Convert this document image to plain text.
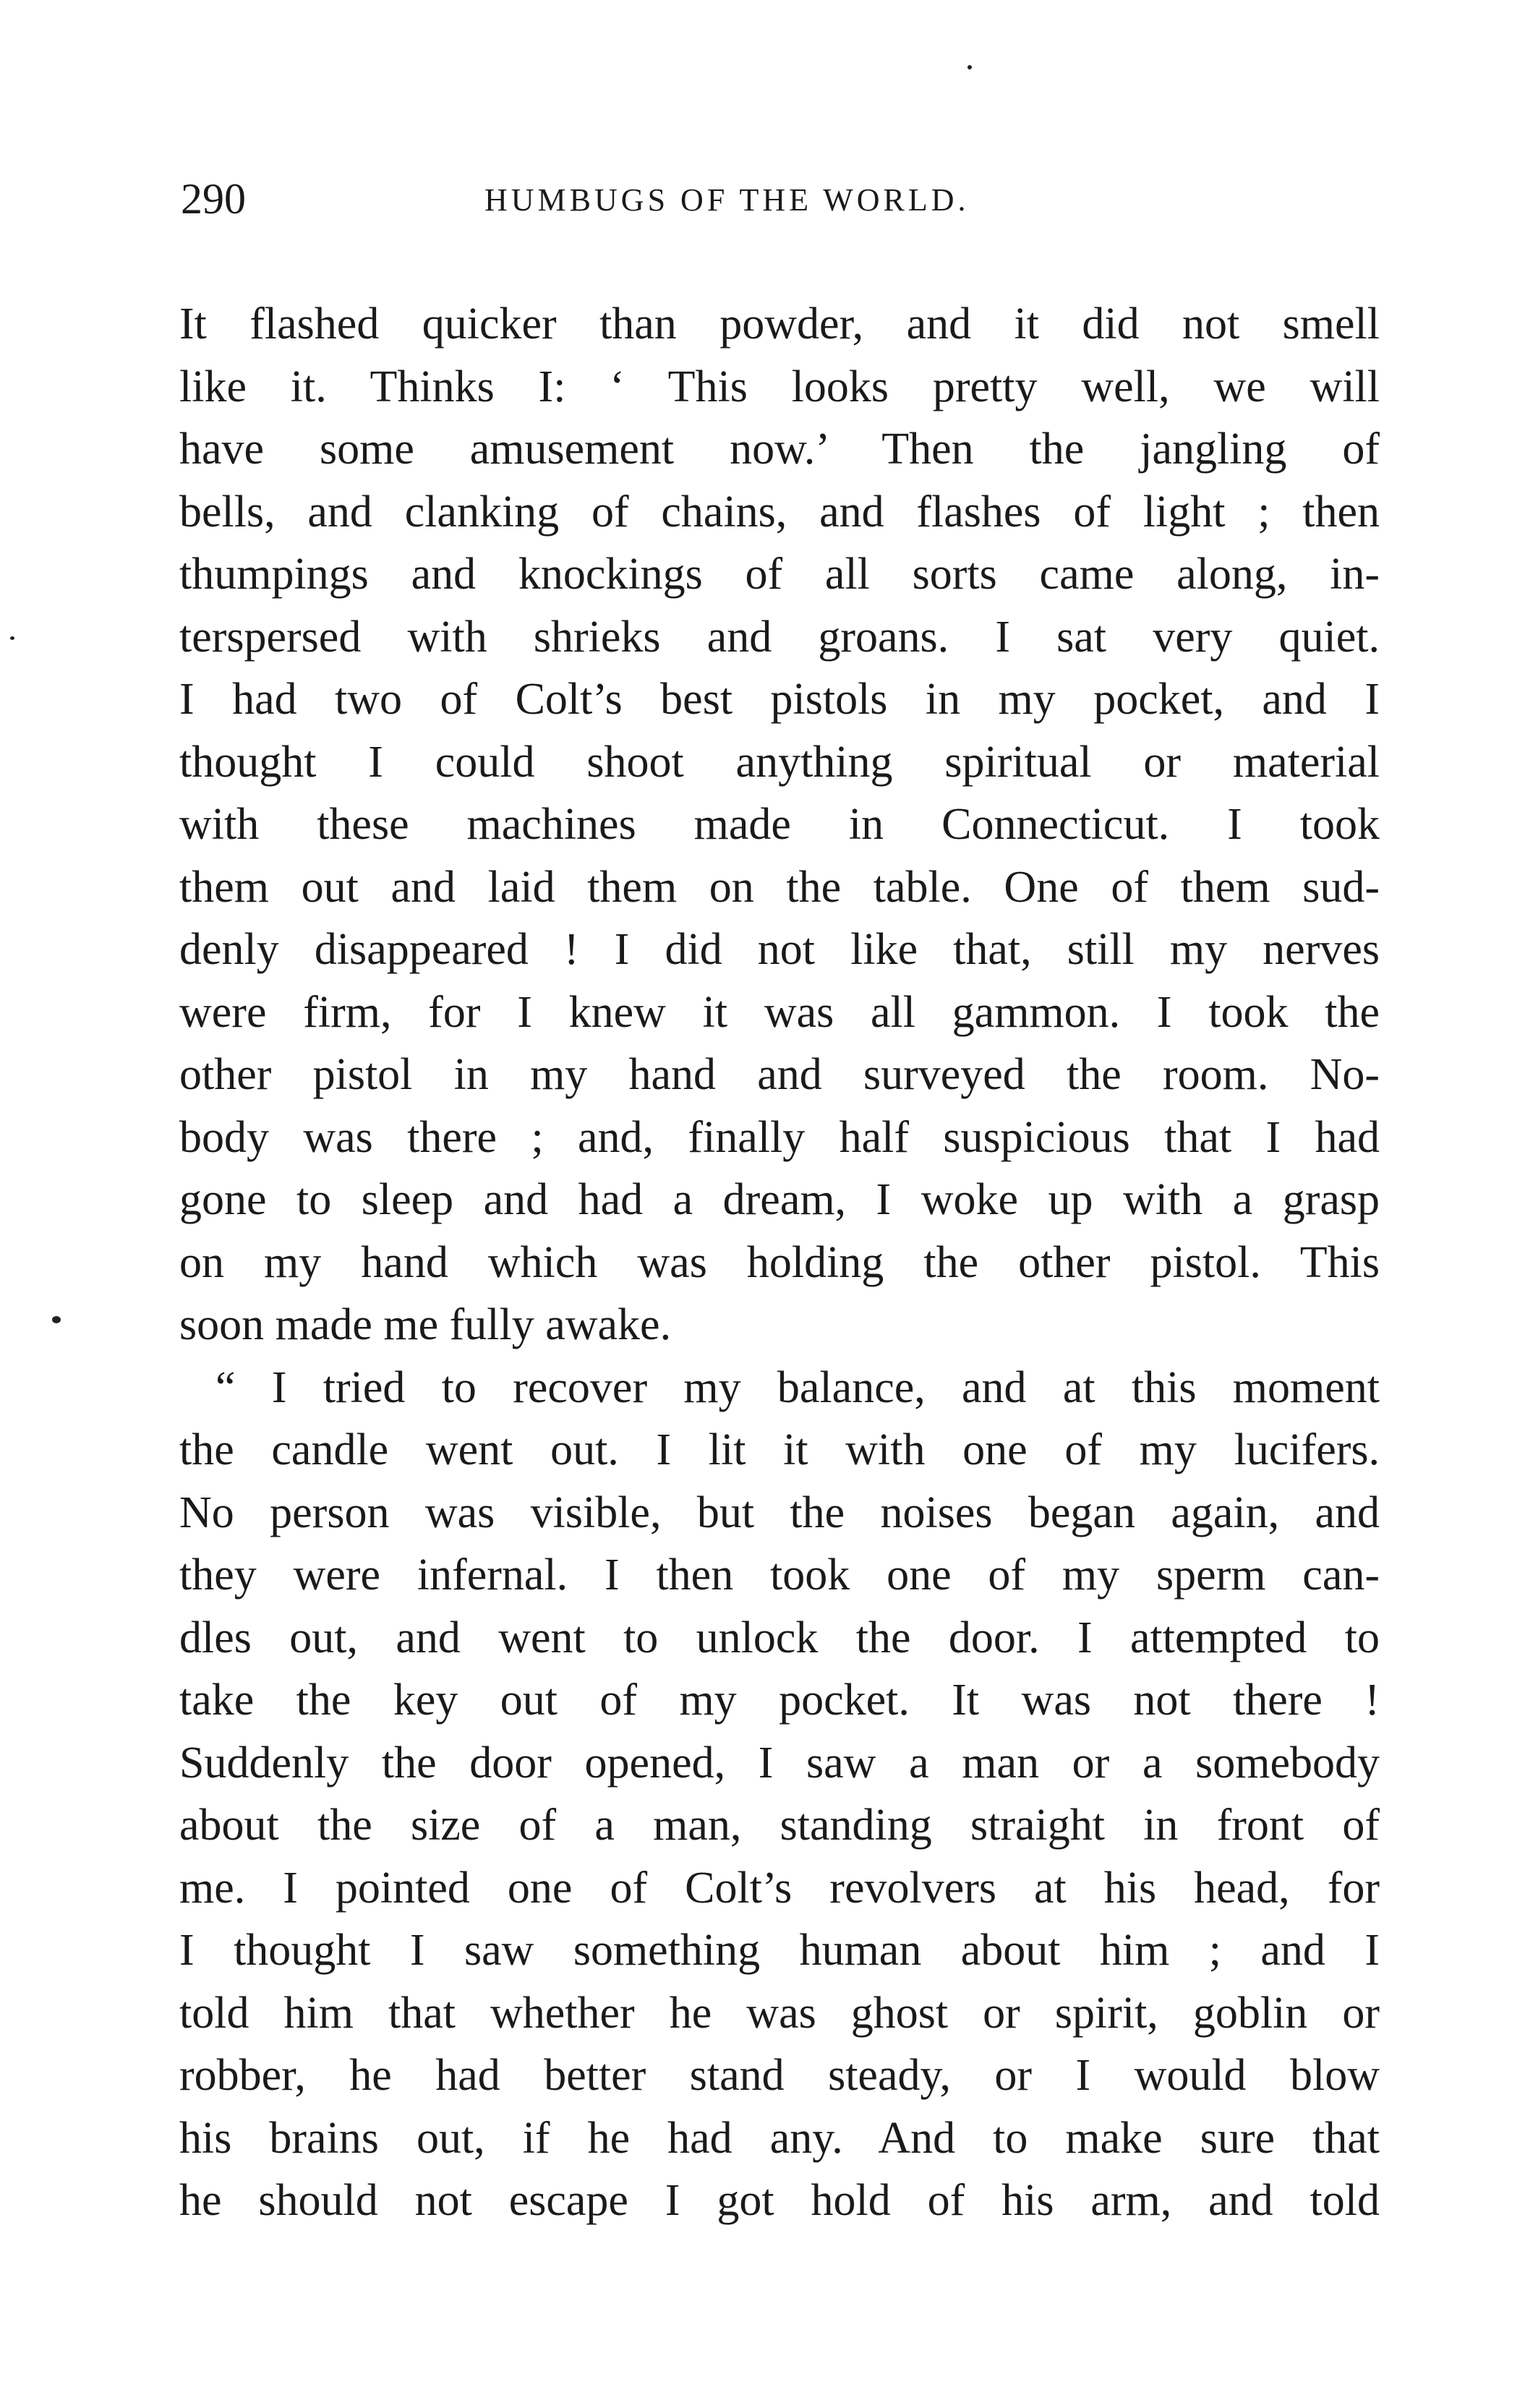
290	HUMBUGS OF THE WORLD.
It flashed quicker than powder, and it did not smell
like it. Thinks I: ‘ This looks pretty well, we will
have some amusement now.’ Then the jangling of
bells, and clanking of chains, and flashes of light ; then
thumpings and knockings of all sorts came along, in-
terspersed with shrieks and groans. I sat very quiet.
I had two of Colt’s best pistols in my pocket, and I
thought I could shoot anything spiritual or material
with these machines made in Connecticut. I took
them out and laid them on the table. One of them sud-
denly disappeared ! I did not like that, still my nerves
were firm, for I knew it was all gammon. I took the
other pistol in my hand and surveyed the room. No-
body was there ; and, finally half suspicious that I had
gone to sleep and had a dream, I woke up with a grasp
on my hand which was holding the other pistol. This
soon made me fully awake.
“ I tried to recover my balance, and at this moment
the candle went out. I lit it with one of my lucifers.
No person was visible, but the noises began again, and
they were infernal. I then took one of my sperm can-
dles out, and went to unlock the door. I attempted to
take the key out of my pocket. It was not there !
Suddenly the door opened, I saw a man or a somebody
about the size of a man, standing straight in front of
me. I pointed one of Colt’s revolvers at his head, for
I thought I saw something human about him ; and I
told him that whether he was ghost or spirit, goblin or
robber, he had better stand steady, or I would blow
his brains out, if he had any. And to make sure that
he should not escape I got hold of his arm, and told
